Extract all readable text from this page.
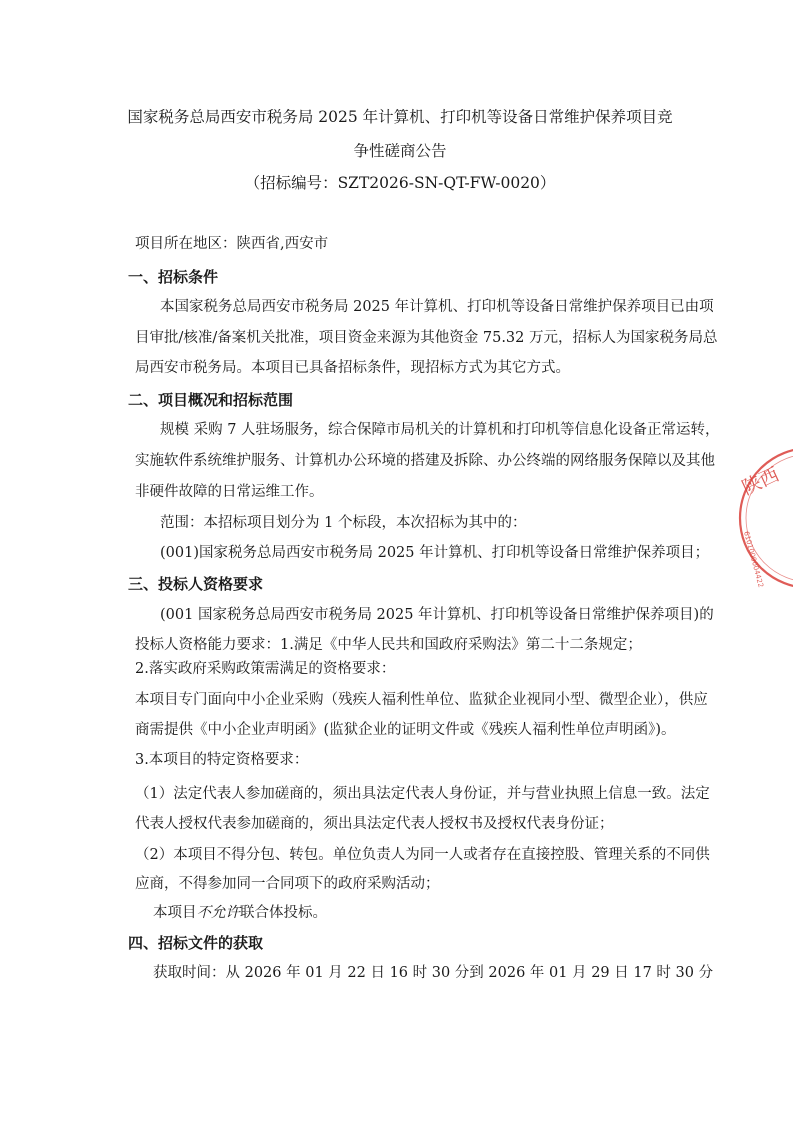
国家税务总局西安市税务局 2025 年计算机、打印机等设备日常维护保养项目竞
争性磋商公告
（招标编号：SZT2026-SN-QT-FW-0020）
项目所在地区：陕西省,西安市
一、招标条件
本国家税务总局西安市税务局 2025 年计算机、打印机等设备日常维护保养项目已由项
目审批/核准/备案机关批准，项目资金来源为其他资金 75.32 万元，招标人为国家税务局总
局西安市税务局。本项目已具备招标条件，现招标方式为其它方式。
二、项目概况和招标范围
规模 采购 7 人驻场服务，综合保障市局机关的计算机和打印机等信息化设备正常运转，
实施软件系统维护服务、计算机办公环境的搭建及拆除、办公终端的网络服务保障以及其他
非硬件故障的日常运维工作。
范围：本招标项目划分为 1 个标段，本次招标为其中的：
(001)国家税务总局西安市税务局 2025 年计算机、打印机等设备日常维护保养项目；
三、投标人资格要求
(001 国家税务总局西安市税务局 2025 年计算机、打印机等设备日常维护保养项目)的
投标人资格能力要求：1.满足《中华人民共和国政府采购法》第二十二条规定；
2.落实政府采购政策需满足的资格要求：
本项目专门面向中小企业采购（残疾人福利性单位、监狱企业视同小型、微型企业），供应
商需提供《中小企业声明函》(监狱企业的证明文件或《残疾人福利性单位声明函》)。
3.本项目的特定资格要求：
（1）法定代表人参加磋商的，须出具法定代表人身份证，并与营业执照上信息一致。法定
代表人授权代表参加磋商的，须出具法定代表人授权书及授权代表身份证；
（2）本项目不得分包、转包。单位负责人为同一人或者存在直接控股、管理关系的不同供
应商，不得参加同一合同项下的政府采购活动；
本项目不允许联合体投标。
四、招标文件的获取
获取时间：从 2026 年 01 月 22 日 16 时 30 分到 2026 年 01 月 29 日 17 时 30 分
陕西
6101000004422
